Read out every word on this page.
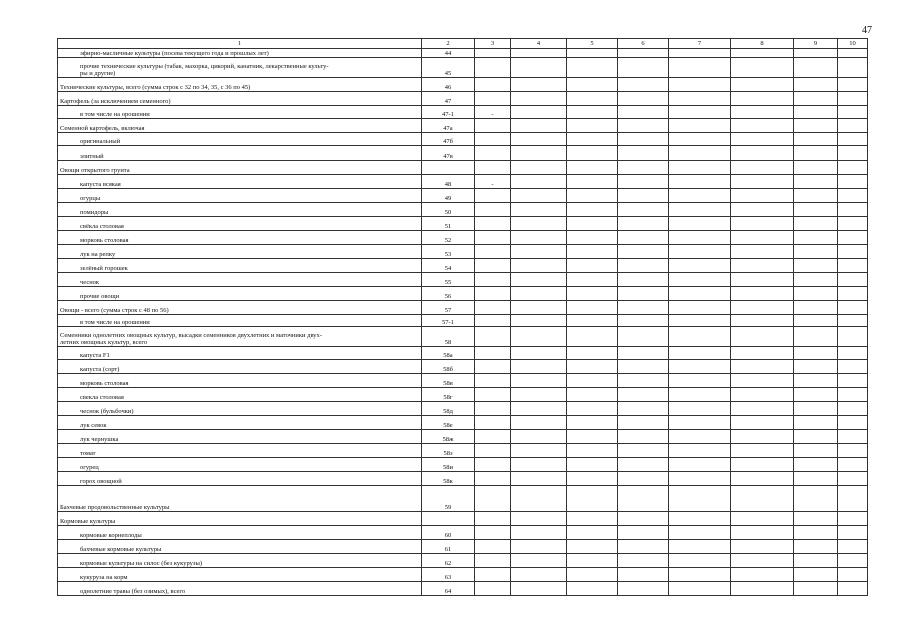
47
1	2	3	4	5	6	7	8	9	10
эфирно-масличные культуры (посева текущего года и прошлых лет)	44								
прочие технические культуры (табак, махорка, цикорий, канатник, лекарственные культу-
ры и другие)	45								
Технические культуры, всего (сумма строк с 32 по 34, 35, с 36 по 45)	46								
Картофель (за исключением семенного)	47								
в том числе на орошении	47-1	-							
Семенной картофель, включая	47а								
оригинальный	47б								
элитный	47в								
Овощи открытого грунта									
капуста всякая	48	-							
огурцы	49								
помидоры	50								
свёкла столовая	51								
морковь столовая	52								
лук на репку	53								
зелёный горошек	54								
чеснок	55								
прочие овощи	56								
Овощи - всего (сумма строк с 48 по 56)	57								
в том числе на орошении	57-1								
Семенники однолетних овощных культур, высадки семенников двухлетних и маточники двух-
летних овощных культур, всего	58								
капуста F1	58а								
капуста (сорт)	58б								
морковь столовая	58в								
свекла столовая	58г								
чеснок (бульбочки)	58д								
лук севок	58е								
лук чернушка	58ж								
томат	58з								
огурец	58и								
горох овощной	58к								
Бахчевые продовольственные культуры	59								
Кормовые культуры									
кормовые корнеплоды	60								
бахчевые кормовые культуры	61								
кормовые культуры на силос (без кукурузы)	62								
кукуруза на корм	63								
однолетние травы (без озимых), всего	64								
